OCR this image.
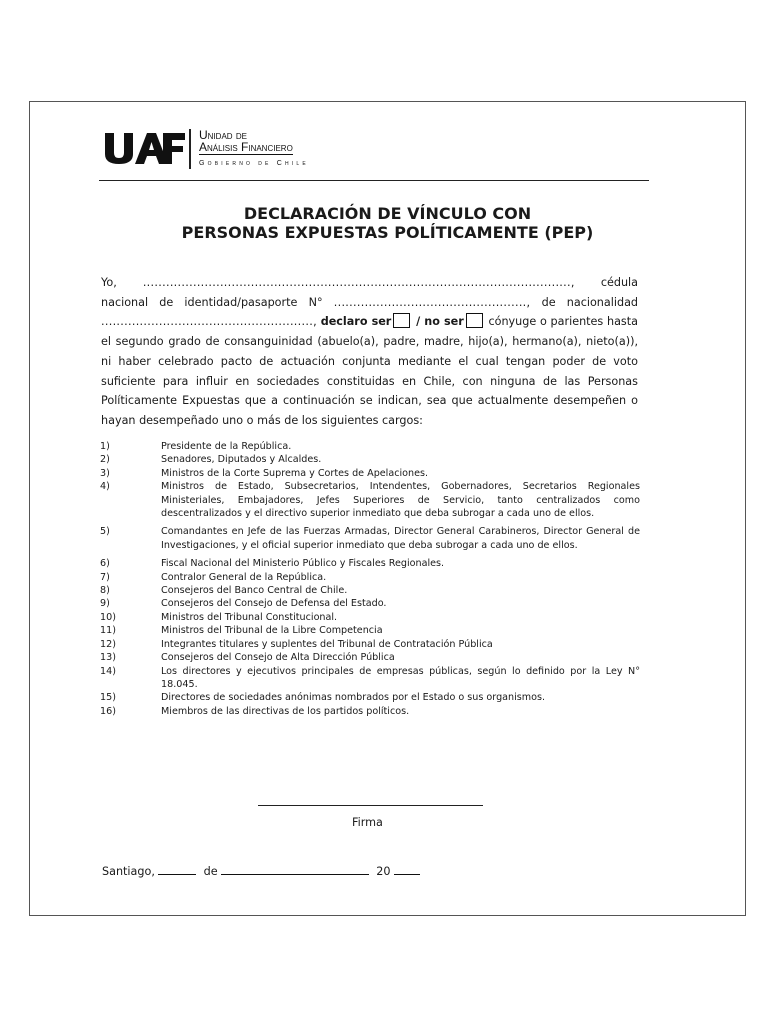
Unidad de
Análisis Financiero
Gobierno de Chile
DECLARACIÓN DE VÍNCULO CON
PERSONAS EXPUESTAS POLÍTICAMENTE (PEP)
Yo, ..............................................................................................................., cédula nacional de identidad/pasaporte N° .................................................., de nacionalidad ......................................................., declaro ser / no ser cónyuge o parientes hasta el segundo grado de consanguinidad (abuelo(a), padre, madre, hijo(a), hermano(a), nieto(a)), ni haber celebrado pacto de actuación conjunta mediante el cual tengan poder de voto suficiente para influir en sociedades constituidas en Chile, con ninguna de las Personas Políticamente Expuestas que a continuación se indican, sea que actualmente desempeñen o hayan desempeñado uno o más de los siguientes cargos:
1)	Presidente de la República.
2)	Senadores, Diputados y Alcaldes.
3)	Ministros de la Corte Suprema y Cortes de Apelaciones.
4)	Ministros de Estado, Subsecretarios, Intendentes, Gobernadores, Secretarios Regionales Ministeriales, Embajadores, Jefes Superiores de Servicio, tanto centralizados como descentralizados y el directivo superior inmediato que deba subrogar a cada uno de ellos.
5)	Comandantes en Jefe de las Fuerzas Armadas, Director General Carabineros, Director General de Investigaciones, y el oficial superior inmediato que deba subrogar a cada uno de ellos.
6)	Fiscal Nacional del Ministerio Público y Fiscales Regionales.
7)	Contralor General de la República.
8)	Consejeros del Banco Central de Chile.
9)	Consejeros del Consejo de Defensa del Estado.
10)	Ministros del Tribunal Constitucional.
11)	Ministros del Tribunal de la Libre Competencia
12)	Integrantes titulares y suplentes del Tribunal de Contratación Pública
13)	Consejeros del Consejo de Alta Dirección Pública
14)	Los directores y ejecutivos principales de empresas públicas, según lo definido por la Ley N° 18.045.
15)	Directores de sociedades anónimas nombrados por el Estado o sus organismos.
16)	Miembros de las directivas de los partidos políticos.
Firma
Santiago,	de	20
